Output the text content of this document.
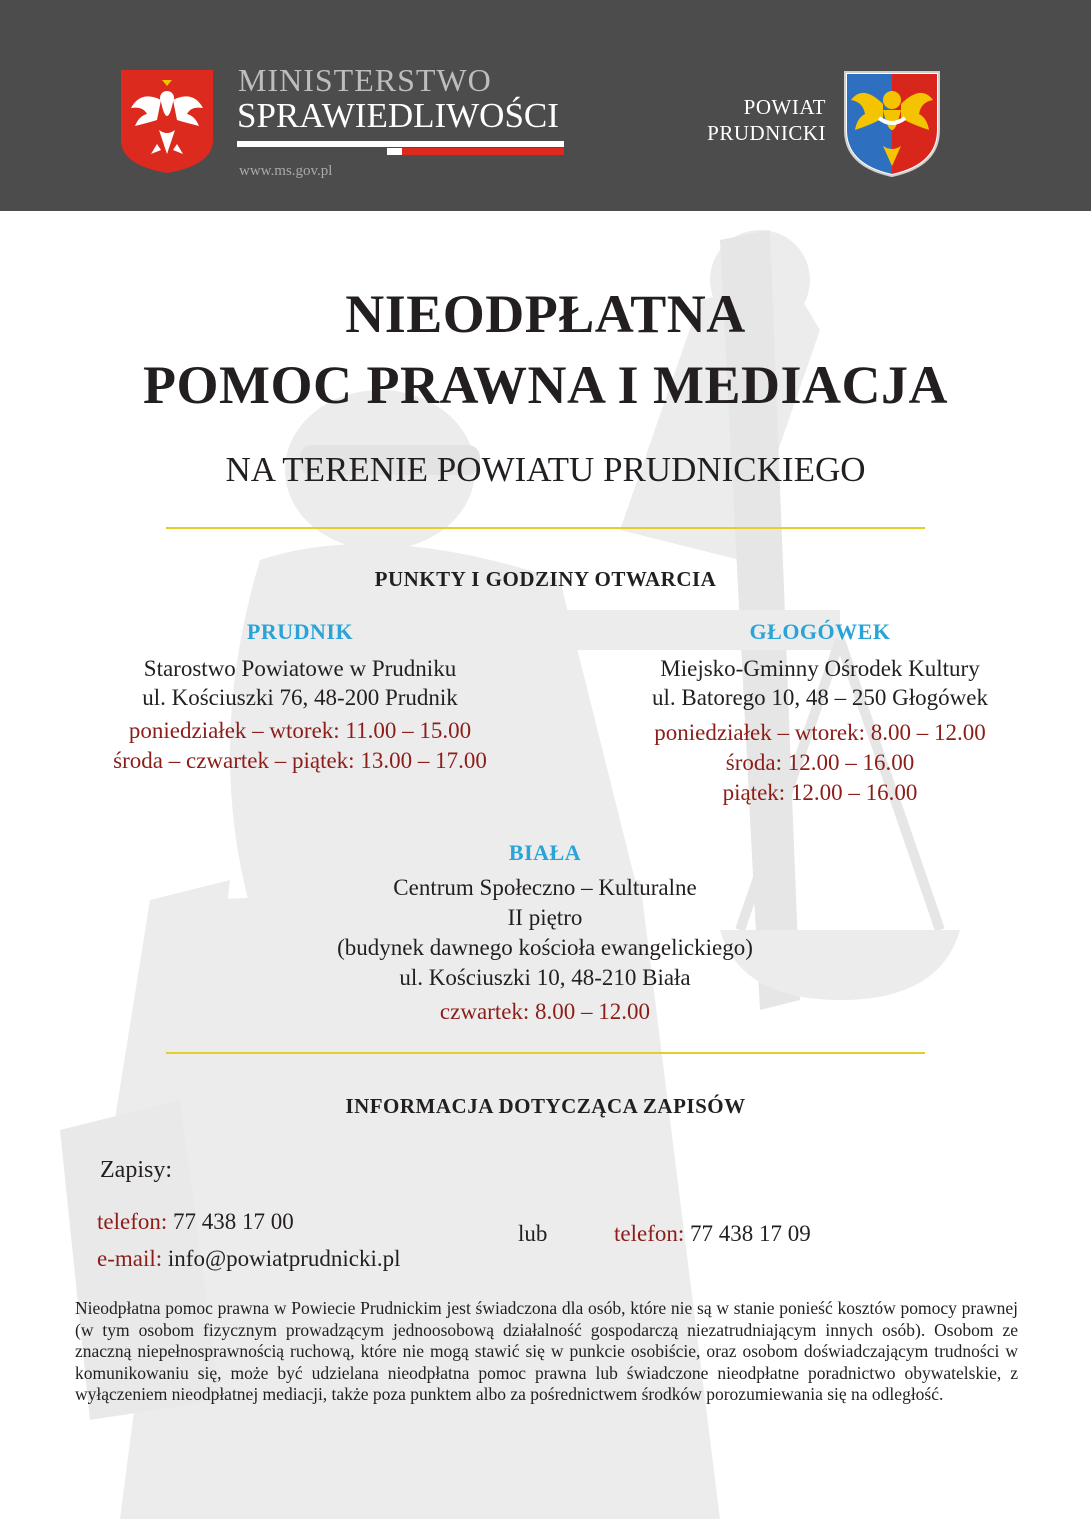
MINISTERSTWO
SPRAWIEDLIWOŚCI
www.ms.gov.pl
POWIAT
PRUDNICKI
NIEODPŁATNA
POMOC PRAWNA I MEDIACJA
NA TERENIE POWIATU PRUDNICKIEGO
PUNKTY I GODZINY OTWARCIA
PRUDNIK
Starostwo Powiatowe w Prudniku
ul. Kościuszki 76, 48-200 Prudnik
poniedziałek – wtorek: 11.00 – 15.00
środa – czwartek – piątek: 13.00 – 17.00
GŁOGÓWEK
Miejsko-Gminny Ośrodek Kultury
ul. Batorego 10, 48 – 250 Głogówek
poniedziałek – wtorek: 8.00 – 12.00
środa: 12.00 – 16.00
piątek: 12.00 – 16.00
BIAŁA
Centrum Społeczno – Kulturalne
II piętro
(budynek dawnego kościoła ewangelickiego)
ul. Kościuszki 10, 48-210 Biała
czwartek: 8.00 – 12.00
INFORMACJA DOTYCZĄCA ZAPISÓW
Zapisy:
telefon: 77 438 17 00
e-mail: info@powiatprudnicki.pl
lub	telefon: 77 438 17 09
Nieodpłatna pomoc prawna w Powiecie Prudnickim jest świadczona dla osób, które nie są w stanie ponieść kosztów pomocy prawnej (w tym osobom fizycznym prowadzącym jednoosobową działalność gospodarczą niezatrudniającym innych osób). Osobom ze znaczną niepełnosprawnością ruchową, które nie mogą stawić się w punkcie osobiście, oraz osobom doświadczającym trudności w komunikowaniu się, może być udzielana nieodpłatna pomoc prawna lub świadczone nieodpłatne poradnictwo obywatelskie, z wyłączeniem nieodpłatnej mediacji, także poza punktem albo za pośrednictwem środków porozumiewania się na odległość.
